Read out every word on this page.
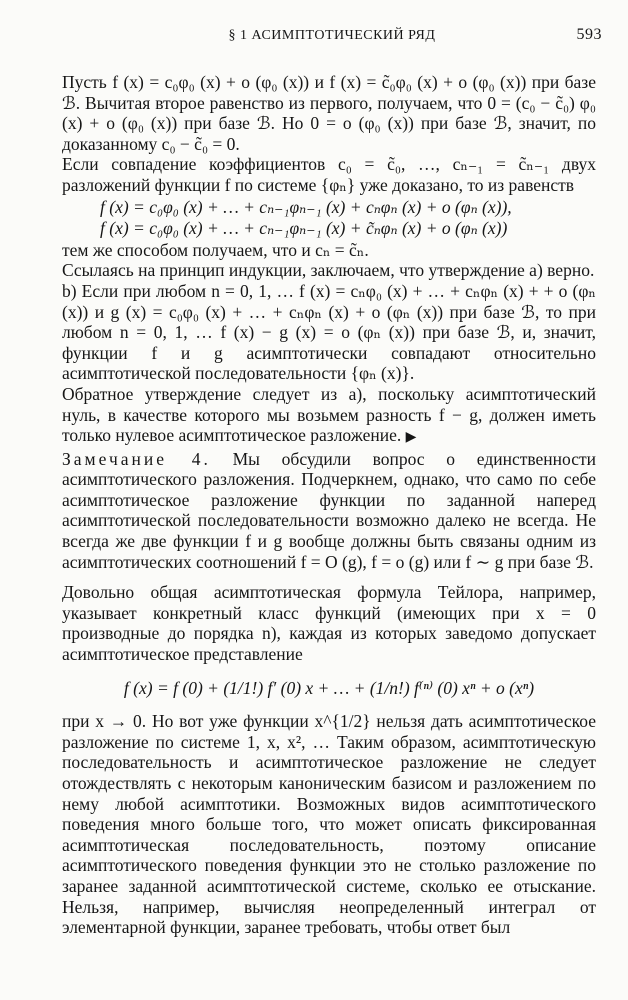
§ 1 АСИМПТОТИЧЕСКИЙ РЯД	593

Пусть f (x) = c₀φ₀ (x) + o (φ₀ (x)) и f (x) = c̃₀φ₀ (x) + o (φ₀ (x)) при базе ℬ. Вычитая второе равенство из первого, получаем, что 0 = (c₀ − c̃₀) φ₀ (x) + o (φ₀ (x)) при базе ℬ. Но 0 = o (φ₀ (x)) при базе ℬ, значит, по доказанному c₀ − c̃₀ = 0.

Если совпадение коэффициентов c₀ = c̃₀, …, cₙ₋₁ = c̃ₙ₋₁ двух разложений функции f по системе {φₙ} уже доказано, то из равенств

f (x) = c₀φ₀ (x) + … + cₙ₋₁φₙ₋₁ (x) + cₙφₙ (x) + o (φₙ (x)),
f (x) = c₀φ₀ (x) + … + cₙ₋₁φₙ₋₁ (x) + c̃ₙφₙ (x) + o (φₙ (x))

тем же способом получаем, что и cₙ = c̃ₙ.

Ссылаясь на принцип индукции, заключаем, что утверждение а) верно.

b) Если при любом n = 0, 1, … f (x) = cₙφ₀ (x) + … + cₙφₙ (x) + + o (φₙ (x)) и g (x) = c₀φ₀ (x) + … + cₙφₙ (x) + o (φₙ (x)) при базе ℬ, то при любом n = 0, 1, … f (x) − g (x) = o (φₙ (x)) при базе ℬ, и, значит, функции f и g асимптотически совпадают относительно асимптотической последовательности {φₙ (x)}.

Обратное утверждение следует из а), поскольку асимптотический нуль, в качестве которого мы возьмем разность f − g, должен иметь только нулевое асимптотическое разложение. ▶

Замечание 4. Мы обсудили вопрос о единственности асимптотического разложения. Подчеркнем, однако, что само по себе асимптотическое разложение функции по заданной наперед асимптотической последовательности возможно далеко не всегда. Не всегда же две функции f и g вообще должны быть связаны одним из асимптотических соотношений f = O (g), f = o (g) или f ∼ g при базе ℬ.

Довольно общая асимптотическая формула Тейлора, например, указывает конкретный класс функций (имеющих при x = 0 производные до порядка n), каждая из которых заведомо допускает асимптотическое представление

f (x) = f (0) + (1/1!) f′ (0) x + … + (1/n!) f⁽ⁿ⁾ (0) xⁿ + o (xⁿ)

при x → 0. Но вот уже функции x^{1/2} нельзя дать асимптотическое разложение по системе 1, x, x², … Таким образом, асимптотическую последовательность и асимптотическое разложение не следует отождествлять с некоторым каноническим базисом и разложением по нему любой асимптотики. Возможных видов асимптотического поведения много больше того, что может описать фиксированная асимптотическая последовательность, поэтому описание асимптотического поведения функции это не столько разложение по заранее заданной асимптотической системе, сколько ее отыскание. Нельзя, например, вычисляя неопределенный интеграл от элементарной функции, заранее требовать, чтобы ответ был
